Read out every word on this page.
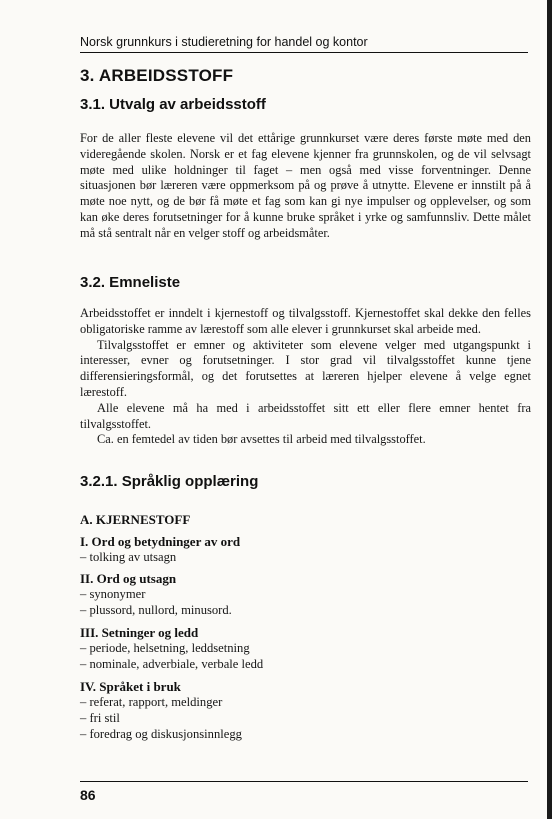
Norsk grunnkurs i studieretning for handel og kontor
3. ARBEIDSSTOFF
3.1. Utvalg av arbeidsstoff

For de aller fleste elevene vil det ettårige grunnkurset være deres første møte med den videregående skolen. Norsk er et fag elevene kjenner fra grunnskolen, og de vil selvsagt møte med ulike holdninger til faget – men også med visse forventninger. Denne situasjonen bør læreren være oppmerksom på og prøve å utnytte. Elevene er innstilt på å møte noe nytt, og de bør få møte et fag som kan gi nye impulser og opplevelser, og som kan øke deres forutsetninger for å kunne bruke språket i yrke og samfunnsliv. Dette målet må stå sentralt når en velger stoff og arbeidsmåter.

3.2. Emneliste

Arbeidsstoffet er inndelt i kjernestoff og tilvalgsstoff. Kjernestoffet skal dekke den felles obligatoriske ramme av lærestoff som alle elever i grunnkurset skal arbeide med.

Tilvalgsstoffet er emner og aktiviteter som elevene velger med utgangspunkt i interesser, evner og forutsetninger. I stor grad vil tilvalgsstoffet kunne tjene differensieringsformål, og det forutsettes at læreren hjelper elevene å velge egnet lærestoff.

Alle elevene må ha med i arbeidsstoffet sitt ett eller flere emner hentet fra tilvalgsstoffet.

Ca. en femtedel av tiden bør avsettes til arbeid med tilvalgsstoffet.

3.2.1. Språklig opplæring
A. KJERNESTOFF
I. Ord og betydninger av ord
– tolking av utsagn
II. Ord og utsagn
– synonymer
– plussord, nullord, minusord.
III. Setninger og ledd
– periode, helsetning, leddsetning
– nominale, adverbiale, verbale ledd
IV. Språket i bruk
– referat, rapport, meldinger
– fri stil
– foredrag og diskusjonsinnlegg
86
